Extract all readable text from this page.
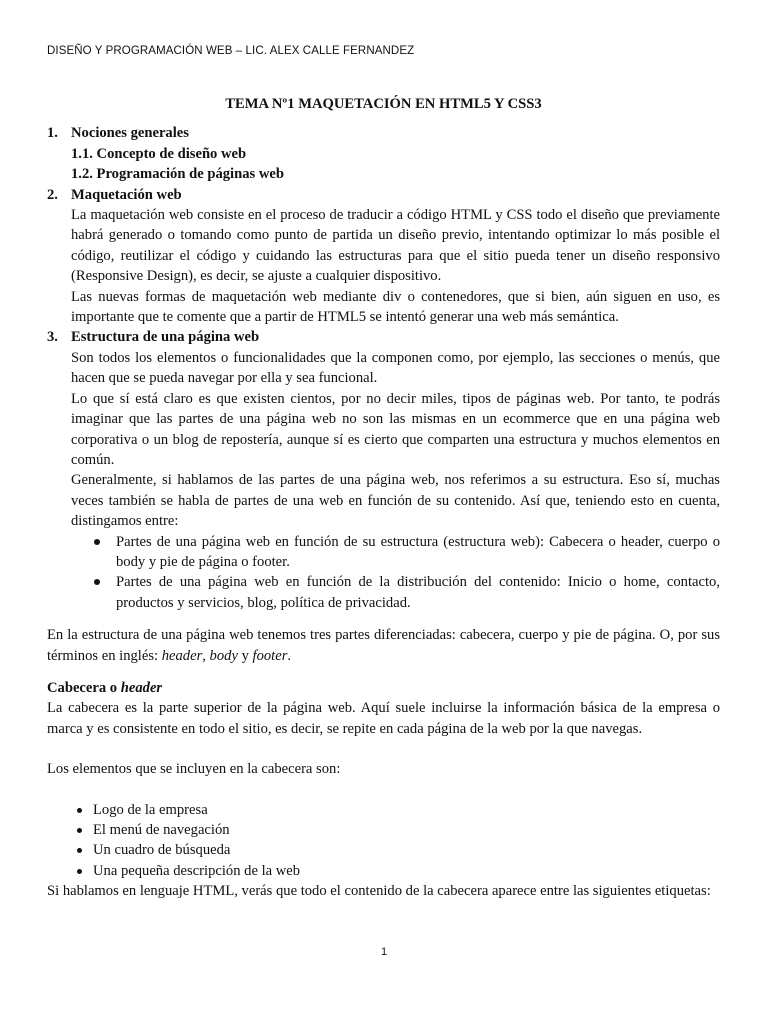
DISEÑO Y PROGRAMACIÓN WEB – LIC. ALEX CALLE FERNANDEZ
TEMA Nº1 MAQUETACIÓN EN HTML5 Y CSS3
1. Nociones generales
1.1. Concepto de diseño web
1.2. Programación de páginas web
2. Maquetación web
La maquetación web consiste en el proceso de traducir a código HTML y CSS todo el diseño que previamente habrá generado o tomando como punto de partida un diseño previo, intentando optimizar lo más posible el código, reutilizar el código y cuidando las estructuras para que el sitio pueda tener un diseño responsivo (Responsive Design), es decir, se ajuste a cualquier dispositivo.
Las nuevas formas de maquetación web mediante div o contenedores, que si bien, aún siguen en uso, es importante que te comente que a partir de HTML5 se intentó generar una web más semántica.
3. Estructura de una página web
Son todos los elementos o funcionalidades que la componen como, por ejemplo, las secciones o menús, que hacen que se pueda navegar por ella y sea funcional.
Lo que sí está claro es que existen cientos, por no decir miles, tipos de páginas web. Por tanto, te podrás imaginar que las partes de una página web no son las mismas en un ecommerce que en una página web corporativa o un blog de repostería, aunque sí es cierto que comparten una estructura y muchos elementos en común.
Generalmente, si hablamos de las partes de una página web, nos referimos a su estructura. Eso sí, muchas veces también se habla de partes de una web en función de su contenido. Así que, teniendo esto en cuenta, distingamos entre:
Partes de una página web en función de su estructura (estructura web): Cabecera o header, cuerpo o body y pie de página o footer.
Partes de una página web en función de la distribución del contenido: Inicio o home, contacto, productos y servicios, blog, política de privacidad.

En la estructura de una página web tenemos tres partes diferenciadas: cabecera, cuerpo y pie de página. O, por sus términos en inglés: header, body y footer.

Cabecera o header

La cabecera es la parte superior de la página web. Aquí suele incluirse la información básica de la empresa o marca y es consistente en todo el sitio, es decir, se repite en cada página de la web por la que navegas.

Los elementos que se incluyen en la cabecera son:

Logo de la empresa
El menú de navegación
Un cuadro de búsqueda
Una pequeña descripción de la web

Si hablamos en lenguaje HTML, verás que todo el contenido de la cabecera aparece entre las siguientes etiquetas:

1
